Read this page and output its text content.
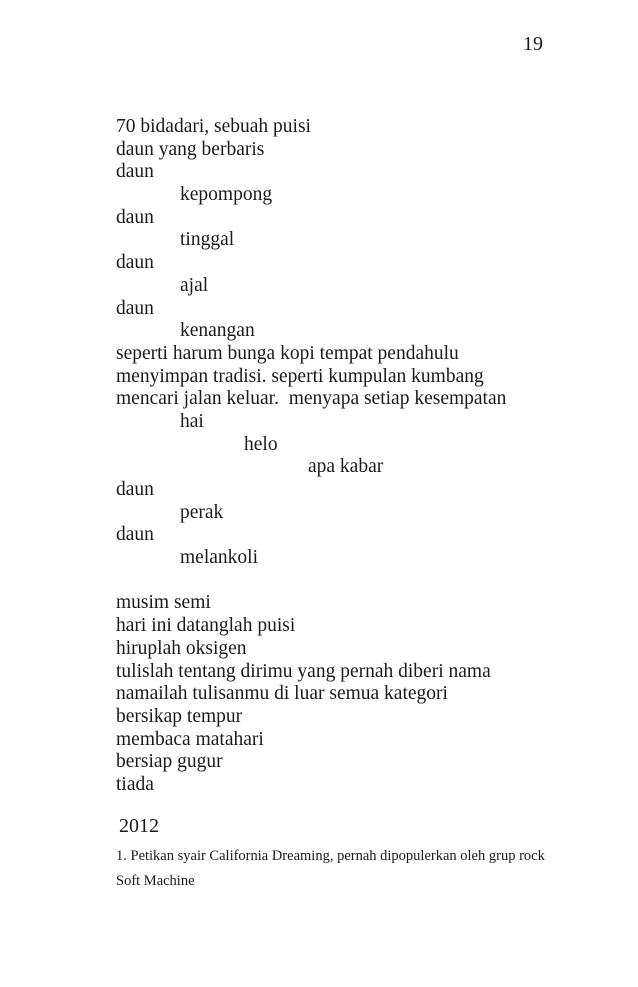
19
70 bidadari, sebuah puisi
daun yang berbaris
daun
kepompong
daun
tinggal
daun
ajal
daun
kenangan
seperti harum bunga kopi tempat pendahulu
menyimpan tradisi. seperti kumpulan kumbang
mencari jalan keluar.  menyapa setiap kesempatan
hai
helo
apa kabar
daun
perak
daun
melankoli
musim semi
hari ini datanglah puisi
hiruplah oksigen
tulislah tentang dirimu yang pernah diberi nama
namailah tulisanmu di luar semua kategori
bersikap tempur
membaca matahari
bersiap gugur
tiada
2012
1. Petikan syair California Dreaming, pernah dipopulerkan oleh grup rock Soft Machine
